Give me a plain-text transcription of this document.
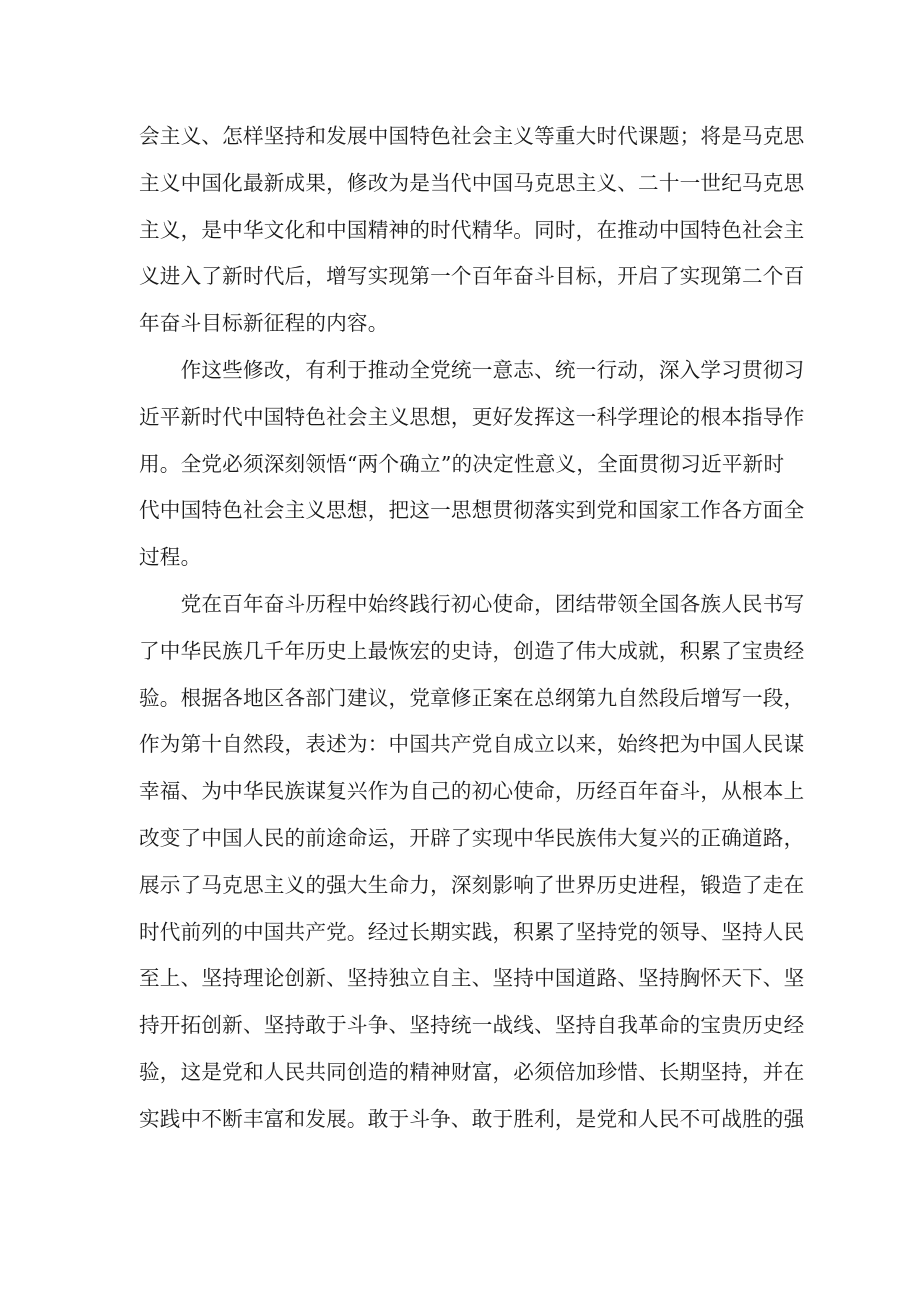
会主义、怎样坚持和发展中国特色社会主义等重大时代课题；将是马克思
主义中国化最新成果，修改为是当代中国马克思主义、二十一世纪马克思
主义，是中华文化和中国精神的时代精华。同时，在推动中国特色社会主
义进入了新时代后，增写实现第一个百年奋斗目标，开启了实现第二个百
年奋斗目标新征程的内容。

作这些修改，有利于推动全党统一意志、统一行动，深入学习贯彻习
近平新时代中国特色社会主义思想，更好发挥这一科学理论的根本指导作
用。全党必须深刻领悟“两个确立”的决定性意义，全面贯彻习近平新时
代中国特色社会主义思想，把这一思想贯彻落实到党和国家工作各方面全
过程。

党在百年奋斗历程中始终践行初心使命，团结带领全国各族人民书写
了中华民族几千年历史上最恢宏的史诗，创造了伟大成就，积累了宝贵经
验。根据各地区各部门建议，党章修正案在总纲第九自然段后增写一段，
作为第十自然段，表述为：中国共产党自成立以来，始终把为中国人民谋
幸福、为中华民族谋复兴作为自己的初心使命，历经百年奋斗，从根本上
改变了中国人民的前途命运，开辟了实现中华民族伟大复兴的正确道路，
展示了马克思主义的强大生命力，深刻影响了世界历史进程，锻造了走在
时代前列的中国共产党。经过长期实践，积累了坚持党的领导、坚持人民
至上、坚持理论创新、坚持独立自主、坚持中国道路、坚持胸怀天下、坚
持开拓创新、坚持敢于斗争、坚持统一战线、坚持自我革命的宝贵历史经
验，这是党和人民共同创造的精神财富，必须倍加珍惜、长期坚持，并在
实践中不断丰富和发展。敢于斗争、敢于胜利，是党和人民不可战胜的强
